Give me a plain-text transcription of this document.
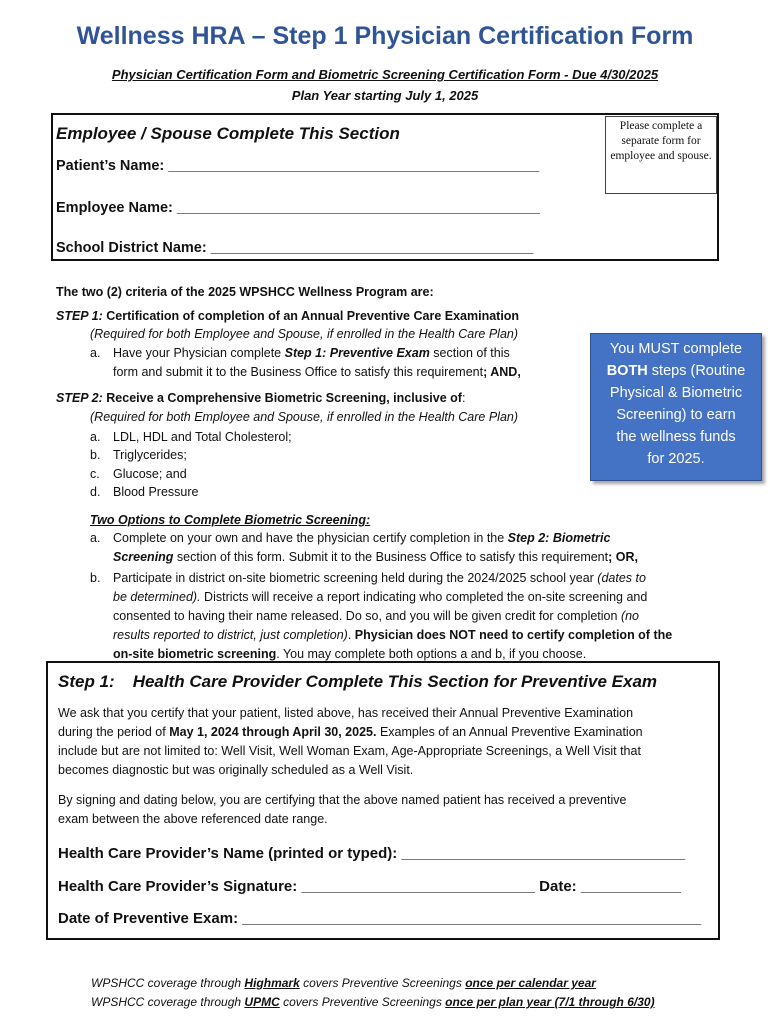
Wellness HRA – Step 1 Physician Certification Form
Physician Certification Form and Biometric Screening Certification Form - Due 4/30/2025
Plan Year starting July 1, 2025
Employee / Spouse Complete This Section
Patient’s Name: ______________________________________________
Employee Name: _____________________________________________
School District Name: ________________________________________
Please complete a separate form for employee and spouse.
The two (2) criteria of the 2025 WPSHCC Wellness Program are:
STEP 1: Certification of completion of an Annual Preventive Care Examination
(Required for both Employee and Spouse, if enrolled in the Health Care Plan)
a. Have your Physician complete Step 1: Preventive Exam section of this
form and submit it to the Business Office to satisfy this requirement; AND,
STEP 2: Receive a Comprehensive Biometric Screening, inclusive of:
(Required for both Employee and Spouse, if enrolled in the Health Care Plan)
a. LDL, HDL and Total Cholesterol;
b. Triglycerides;
c. Glucose; and
d. Blood Pressure
You MUST complete
BOTH steps (Routine
Physical & Biometric
Screening) to earn
the wellness funds
for 2025.
Two Options to Complete Biometric Screening:
a. Complete on your own and have the physician certify completion in the Step 2: Biometric
Screening section of this form. Submit it to the Business Office to satisfy this requirement; OR,
b. Participate in district on-site biometric screening held during the 2024/2025 school year (dates to
be determined). Districts will receive a report indicating who completed the on-site screening and
consented to having their name released. Do so, and you will be given credit for completion (no
results reported to district, just completion). Physician does NOT need to certify completion of the
on-site biometric screening. You may complete both options a and b, if you choose.
Step 1: Health Care Provider Complete This Section for Preventive Exam
We ask that you certify that your patient, listed above, has received their Annual Preventive Examination
during the period of May 1, 2024 through April 30, 2025. Examples of an Annual Preventive Examination
include but are not limited to: Well Visit, Well Woman Exam, Age-Appropriate Screenings, a Well Visit that
becomes diagnostic but was originally scheduled as a Well Visit.
By signing and dating below, you are certifying that the above named patient has received a preventive
exam between the above referenced date range.
Health Care Provider’s Name (printed or typed): __________________________________
Health Care Provider’s Signature: ____________________________ Date: ____________
Date of Preventive Exam: _______________________________________________________
WPSHCC coverage through Highmark covers Preventive Screenings once per calendar year
WPSHCC coverage through UPMC covers Preventive Screenings once per plan year (7/1 through 6/30)
